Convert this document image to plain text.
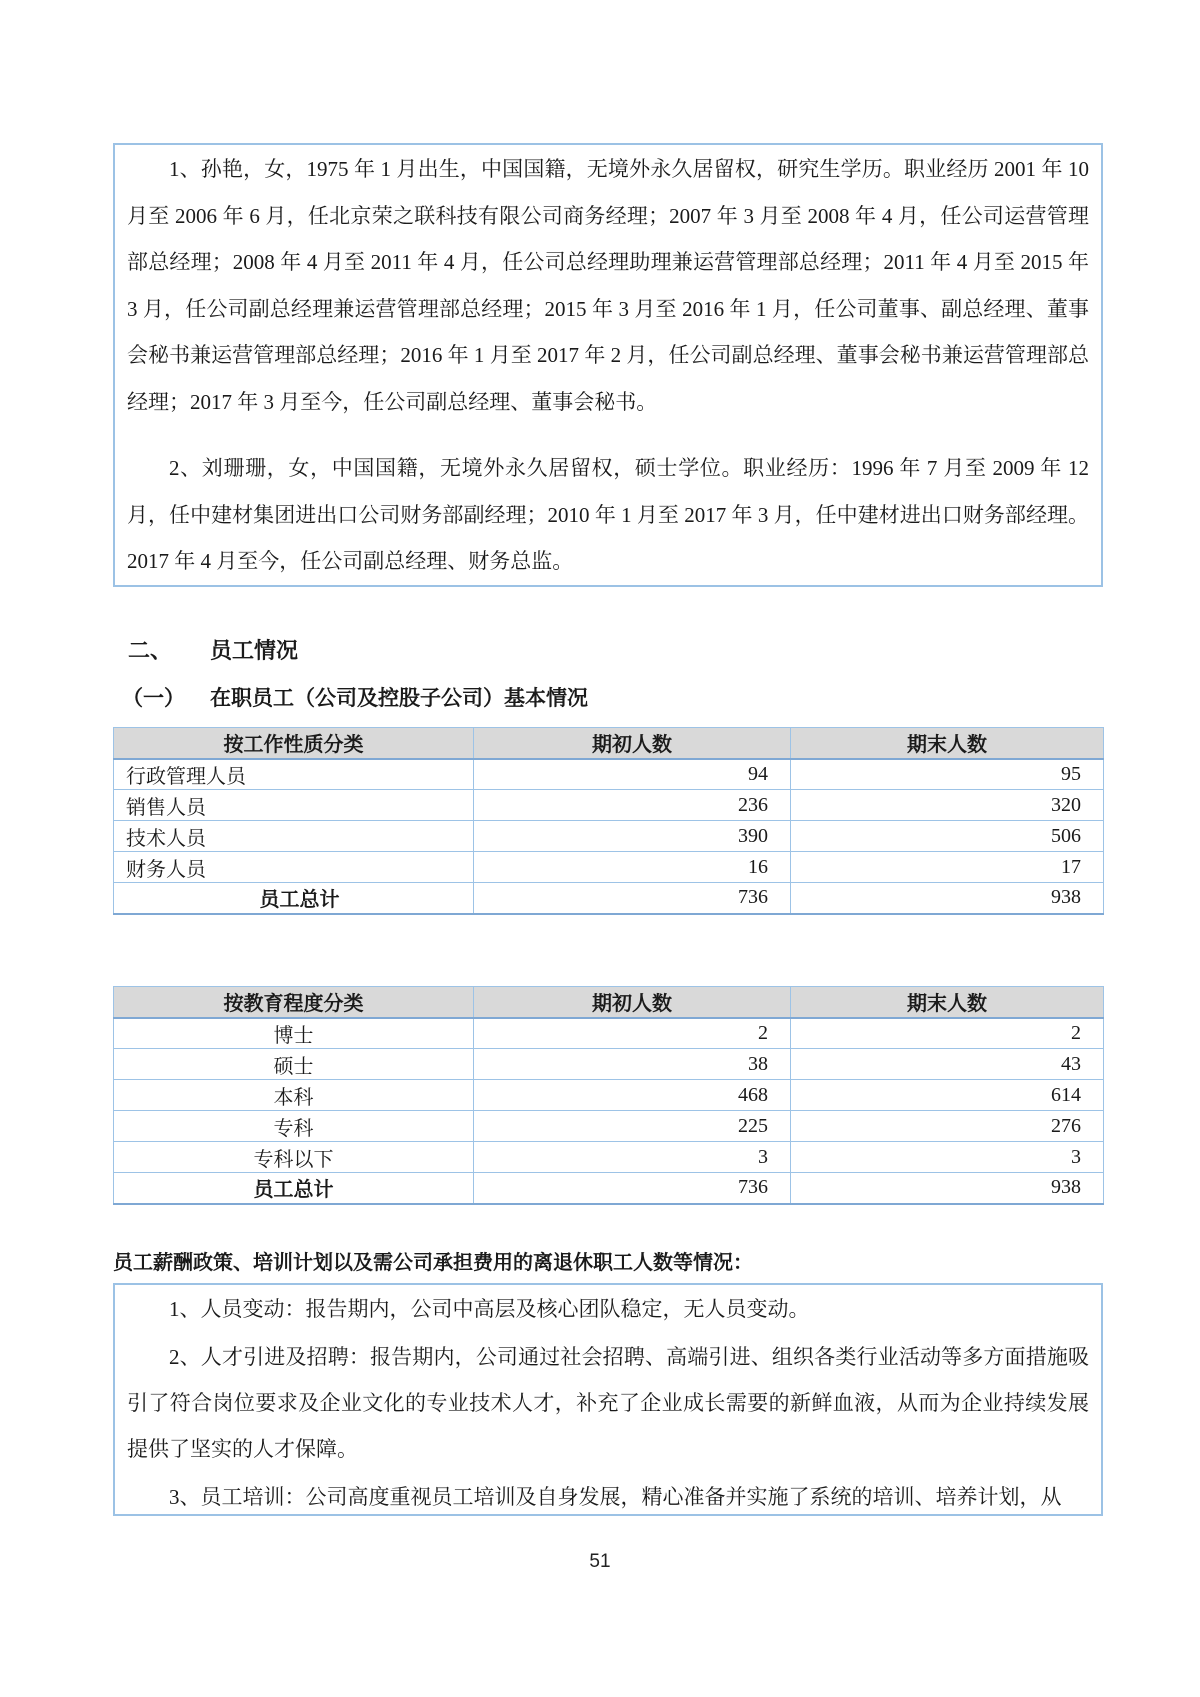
1、孙艳，女，1975 年 1 月出生，中国国籍，无境外永久居留权，研究生学历。职业经历 2001 年 10 月至 2006 年 6 月，任北京荣之联科技有限公司商务经理；2007 年 3 月至 2008 年 4 月，任公司运营管理部总经理；2008 年 4 月至 2011 年 4 月，任公司总经理助理兼运营管理部总经理；2011 年 4 月至 2015 年 3 月，任公司副总经理兼运营管理部总经理；2015 年 3 月至 2016 年 1 月，任公司董事、副总经理、董事会秘书兼运营管理部总经理；2016 年 1 月至 2017 年 2 月，任公司副总经理、董事会秘书兼运营管理部总经理；2017 年 3 月至今，任公司副总经理、董事会秘书。

2、刘珊珊，女，中国国籍，无境外永久居留权，硕士学位。职业经历：1996 年 7 月至 2009 年 12 月，任中建材集团进出口公司财务部副经理；2010 年 1 月至 2017 年 3 月，任中建材进出口财务部经理。2017 年 4 月至今，任公司副总经理、财务总监。

二、	员工情况
（一）	在职员工（公司及控股子公司）基本情况
按工作性质分类	期初人数	期末人数
行政管理人员	94	95
销售人员	236	320
技术人员	390	506
财务人员	16	17
员工总计	736	938
按教育程度分类	期初人数	期末人数
博士	2	2
硕士	38	43
本科	468	614
专科	225	276
专科以下	3	3
员工总计	736	938
员工薪酬政策、培训计划以及需公司承担费用的离退休职工人数等情况：

1、人员变动：报告期内，公司中高层及核心团队稳定，无人员变动。

2、人才引进及招聘：报告期内，公司通过社会招聘、高端引进、组织各类行业活动等多方面措施吸引了符合岗位要求及企业文化的专业技术人才，补充了企业成长需要的新鲜血液，从而为企业持续发展提供了坚实的人才保障。

3、员工培训：公司高度重视员工培训及自身发展，精心准备并实施了系统的培训、培养计划，从

51
